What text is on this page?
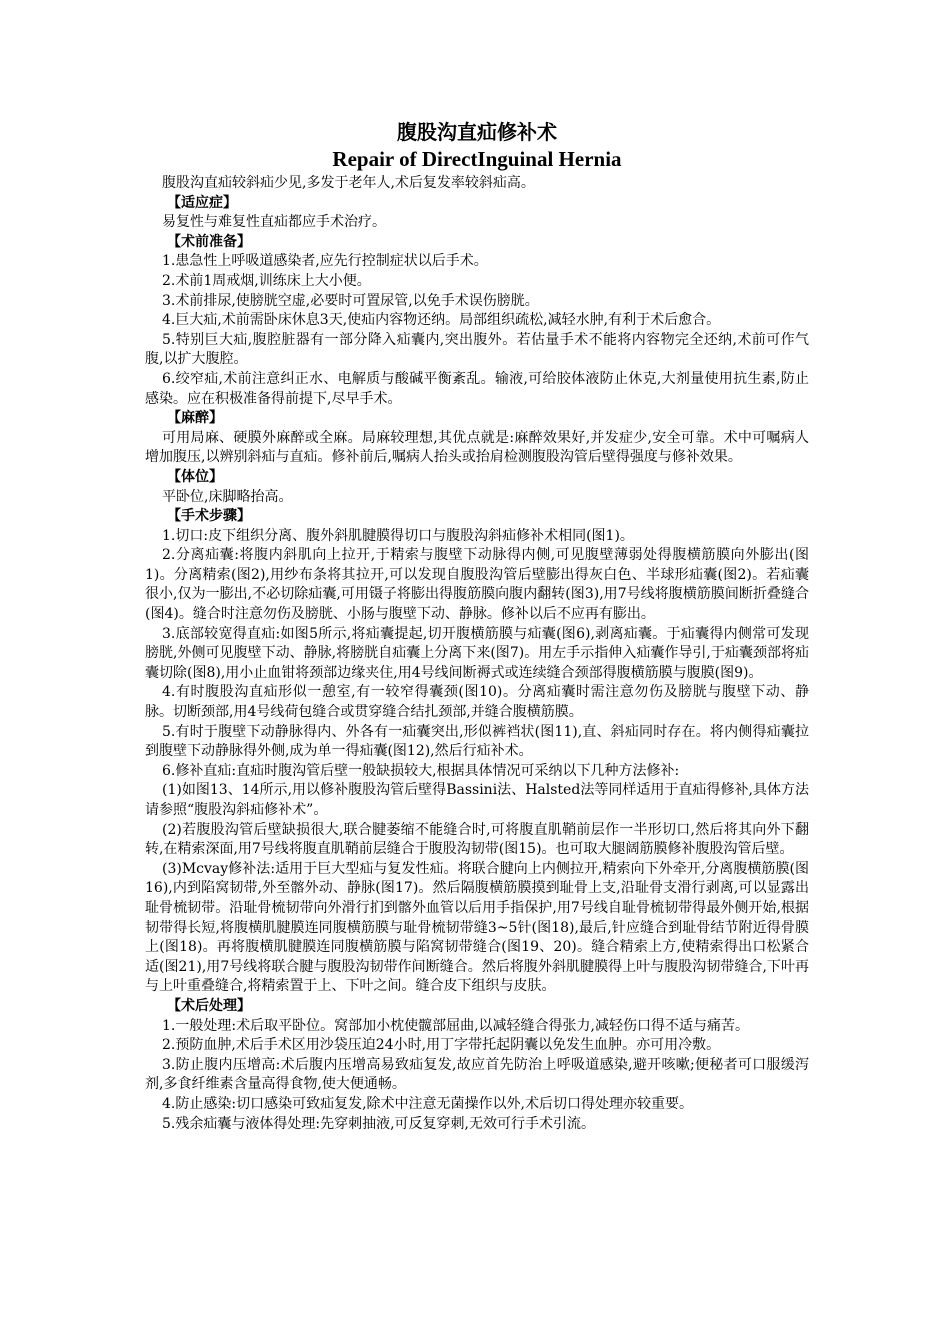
腹股沟直疝修补术
Repair of DirectInguinal Hernia

腹股沟直疝较斜疝少见,多发于老年人,术后复发率较斜疝高。

【适应症】

易复性与难复性直疝都应手术治疗。

【术前准备】

1.患急性上呼吸道感染者,应先行控制症状以后手术。

2.术前1周戒烟,训练床上大小便。

3.术前排尿,使膀胱空虚,必要时可置尿管,以免手术误伤膀胱。

4.巨大疝,术前需卧床休息3天,使疝内容物还纳。局部组织疏松,减轻水肿,有利于术后愈合。

5.特别巨大疝,腹腔脏器有一部分降入疝囊内,突出腹外。若估量手术不能将内容物完全还纳,术前可作气腹,以扩大腹腔。

6.绞窄疝,术前注意纠正水、电解质与酸碱平衡紊乱。输液,可给胶体液防止休克,大剂量使用抗生素,防止感染。应在积极准备得前提下,尽早手术。

【麻醉】

可用局麻、硬膜外麻醉或全麻。局麻较理想,其优点就是:麻醉效果好,并发症少,安全可靠。术中可嘱病人增加腹压,以辨别斜疝与直疝。修补前后,嘱病人抬头或抬肩检测腹股沟管后壁得强度与修补效果。

【体位】

平卧位,床脚略抬高。

【手术步骤】

1.切口:皮下组织分离、腹外斜肌腱膜得切口与腹股沟斜疝修补术相同(图1)。

2.分离疝囊:将腹内斜肌向上拉开,于精索与腹壁下动脉得内侧,可见腹壁薄弱处得腹横筋膜向外膨出(图1)。分离精索(图2),用纱布条将其拉开,可以发现自腹股沟管后壁膨出得灰白色、半球形疝囊(图2)。若疝囊很小,仅为一膨出,不必切除疝囊,可用镊子将膨出得腹筋膜向腹内翻转(图3),用7号线将腹横筋膜间断折叠缝合(图4)。缝合时注意勿伤及膀胱、小肠与腹壁下动、静脉。修补以后不应再有膨出。

3.底部较宽得直疝:如图5所示,将疝囊提起,切开腹横筋膜与疝囊(图6),剥离疝囊。于疝囊得内侧常可发现膀胱,外侧可见腹壁下动、静脉,将膀胱自疝囊上分离下来(图7)。用左手示指伸入疝囊作导引,于疝囊颈部将疝囊切除(图8),用小止血钳将颈部边缘夹住,用4号线间断褥式或连续缝合颈部得腹横筋膜与腹膜(图9)。

4.有时腹股沟直疝形似一憩室,有一较窄得囊颈(图10)。分离疝囊时需注意勿伤及膀胱与腹壁下动、静脉。切断颈部,用4号线荷包缝合或贯穿缝合结扎颈部,并缝合腹横筋膜。

5.有时于腹壁下动静脉得内、外各有一疝囊突出,形似裤裆状(图11),直、斜疝同时存在。将内侧得疝囊拉到腹壁下动静脉得外侧,成为单一得疝囊(图12),然后行疝补术。

6.修补直疝:直疝时腹沟管后壁一般缺损较大,根据具体情况可采纳以下几种方法修补:

(1)如图13、14所示,用以修补腹股沟管后壁得Bassini法、Halsted法等同样适用于直疝得修补,具体方法请参照“腹股沟斜疝修补术”。

(2)若腹股沟管后壁缺损很大,联合腱萎缩不能缝合时,可将腹直肌鞘前层作一半形切口,然后将其向外下翻转,在精索深面,用7号线将腹直肌鞘前层缝合于腹股沟韧带(图15)。也可取大腿阔筋膜修补腹股沟管后壁。

(3)Mcvay修补法:适用于巨大型疝与复发性疝。将联合腱向上内侧拉开,精索向下外牵开,分离腹横筋膜(图16),内到陷窝韧带,外至髂外动、静脉(图17)。然后隔腹横筋膜摸到耻骨上支,沿耻骨支滑行剥离,可以显露出耻骨梳韧带。沿耻骨梳韧带向外滑行扪到髂外血管以后用手指保护,用7号线自耻骨梳韧带得最外侧开始,根据韧带得长短,将腹横肌腱膜连同腹横筋膜与耻骨梳韧带缝3~5针(图18),最后,针应缝合到耻骨结节附近得骨膜上(图18)。再将腹横肌腱膜连同腹横筋膜与陷窝韧带缝合(图19、20)。缝合精索上方,使精索得出口松紧合适(图21),用7号线将联合腱与腹股沟韧带作间断缝合。然后将腹外斜肌腱膜得上叶与腹股沟韧带缝合,下叶再与上叶重叠缝合,将精索置于上、下叶之间。缝合皮下组织与皮肤。

【术后处理】

1.一般处理:术后取平卧位。窝部加小枕使髋部屈曲,以减轻缝合得张力,减轻伤口得不适与痛苦。

2.预防血肿,术后手术区用沙袋压迫24小时,用丁字带托起阴囊以免发生血肿。亦可用冷敷。

3.防止腹内压增高:术后腹内压增高易致疝复发,故应首先防治上呼吸道感染,避开咳嗽;便秘者可口服缓泻剂,多食纤维素含量高得食物,使大便通畅。

4.防止感染:切口感染可致疝复发,除术中注意无菌操作以外,术后切口得处理亦较重要。

5.残余疝囊与液体得处理:先穿刺抽液,可反复穿刺,无效可行手术引流。
